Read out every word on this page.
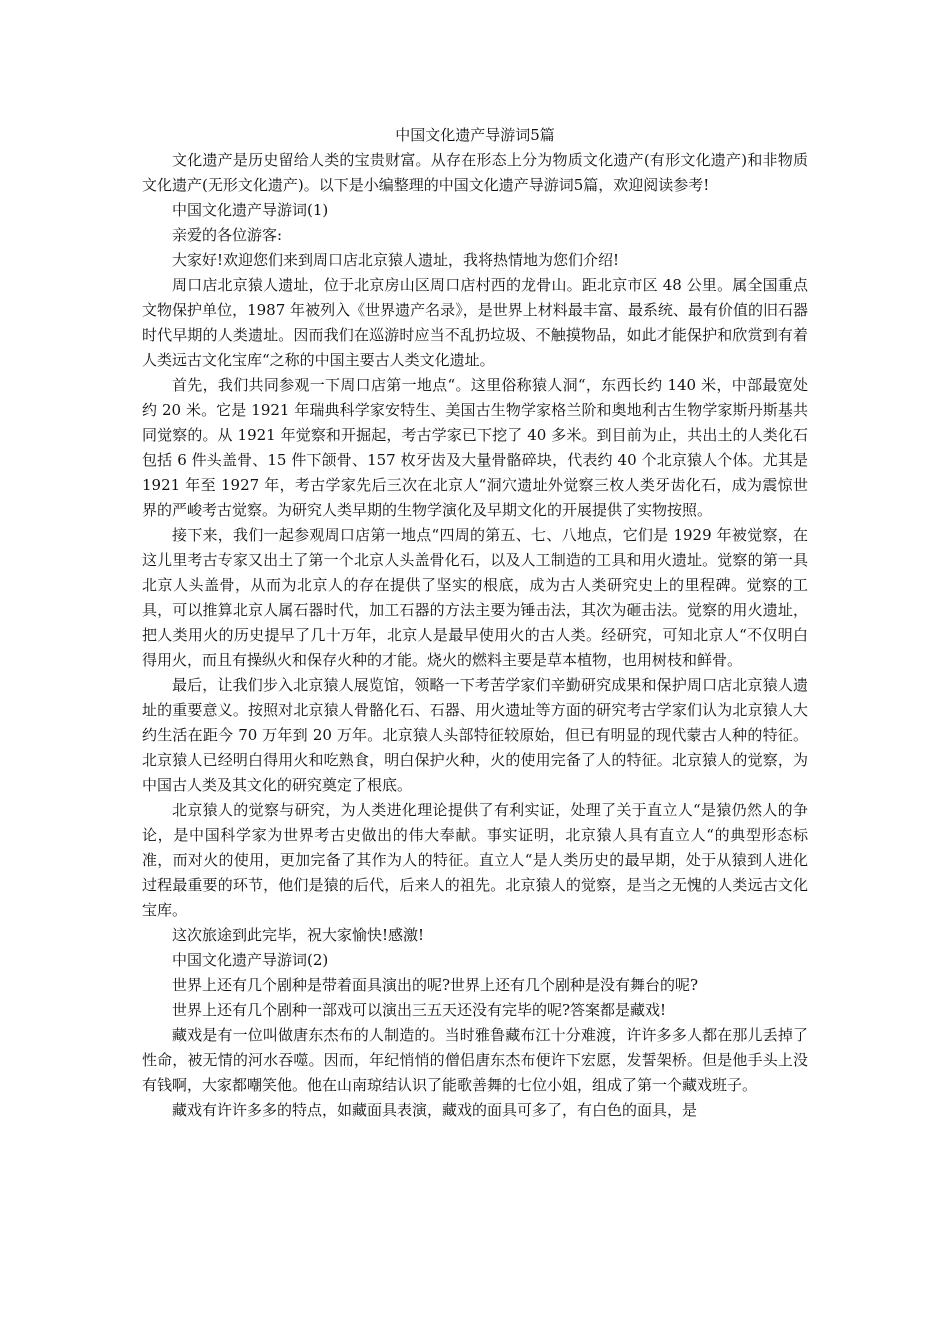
中国文化遗产导游词5篇

文化遗产是历史留给人类的宝贵财富。从存在形态上分为物质文化遗产(有形文化遗产)和非物质文化遗产(无形文化遗产)。以下是小编整理的中国文化遗产导游词5篇，欢迎阅读参考!

中国文化遗产导游词(1)

亲爱的各位游客:

大家好!欢迎您们来到周口店北京猿人遗址，我将热情地为您们介绍!

周口店北京猿人遗址，位于北京房山区周口店村西的龙骨山。距北京市区 48 公里。属全国重点文物保护单位，1987 年被列入《世界遗产名录》，是世界上材料最丰富、最系统、最有价值的旧石器时代早期的人类遗址。因而我们在巡游时应当不乱扔垃圾、不触摸物品，如此才能保护和欣赏到有着人类远古文化宝库“之称的中国主要古人类文化遗址。

首先，我们共同参观一下周口店第一地点“。这里俗称猿人洞“，东西长约 140 米，中部最宽处约 20 米。它是 1921 年瑞典科学家安特生、美国古生物学家格兰阶和奥地利古生物学家斯丹斯基共同觉察的。从 1921 年觉察和开掘起，考古学家已下挖了 40 多米。到目前为止，共出土的人类化石包括 6 件头盖骨、15 件下颌骨、157 枚牙齿及大量骨骼碎块，代表约 40 个北京猿人个体。尤其是 1921 年至 1927 年，考古学家先后三次在北京人“洞穴遗址外觉察三枚人类牙齿化石，成为震惊世界的严峻考古觉察。为研究人类早期的生物学演化及早期文化的开展提供了实物按照。

接下来，我们一起参观周口店第一地点“四周的第五、七、八地点，它们是 1929 年被觉察，在这儿里考古专家又出土了第一个北京人头盖骨化石，以及人工制造的工具和用火遗址。觉察的第一具北京人头盖骨，从而为北京人的存在提供了坚实的根底，成为古人类研究史上的里程碑。觉察的工具，可以推算北京人属石器时代，加工石器的方法主要为锤击法，其次为砸击法。觉察的用火遗址，把人类用火的历史提早了几十万年，北京人是最早使用火的古人类。经研究，可知北京人“不仅明白得用火，而且有操纵火和保存火种的才能。烧火的燃料主要是草本植物，也用树枝和鲜骨。

最后，让我们步入北京猿人展览馆，领略一下考苦学家们辛勤研究成果和保护周口店北京猿人遗址的重要意义。按照对北京猿人骨骼化石、石器、用火遗址等方面的研究考古学家们认为北京猿人大约生活在距今 70 万年到 20 万年。北京猿人头部特征较原始，但已有明显的现代蒙古人种的特征。北京猿人已经明白得用火和吃熟食，明白保护火种，火的使用完备了人的特征。北京猿人的觉察，为中国古人类及其文化的研究奠定了根底。

北京猿人的觉察与研究，为人类进化理论提供了有利实证，处理了关于直立人“是猿仍然人的争论，是中国科学家为世界考古史做出的伟大奉献。事实证明，北京猿人具有直立人“的典型形态标准，而对火的使用，更加完备了其作为人的特征。直立人“是人类历史的最早期，处于从猿到人进化过程最重要的环节，他们是猿的后代，后来人的祖先。北京猿人的觉察，是当之无愧的人类远古文化宝库。

这次旅途到此完毕，祝大家愉快!感激!

中国文化遗产导游词(2)

世界上还有几个剧种是带着面具演出的呢?世界上还有几个剧种是没有舞台的呢?

世界上还有几个剧种一部戏可以演出三五天还没有完毕的呢?答案都是藏戏!

藏戏是有一位叫做唐东杰布的人制造的。当时雅鲁藏布江十分难渡，许许多多人都在那儿丢掉了性命，被无情的河水吞噬。因而，年纪悄悄的僧侣唐东杰布便许下宏愿，发誓架桥。但是他手头上没有钱啊，大家都嘲笑他。他在山南琼结认识了能歌善舞的七位小姐，组成了第一个藏戏班子。

藏戏有许许多多的特点，如藏面具表演，藏戏的面具可多了，有白色的面具，是
